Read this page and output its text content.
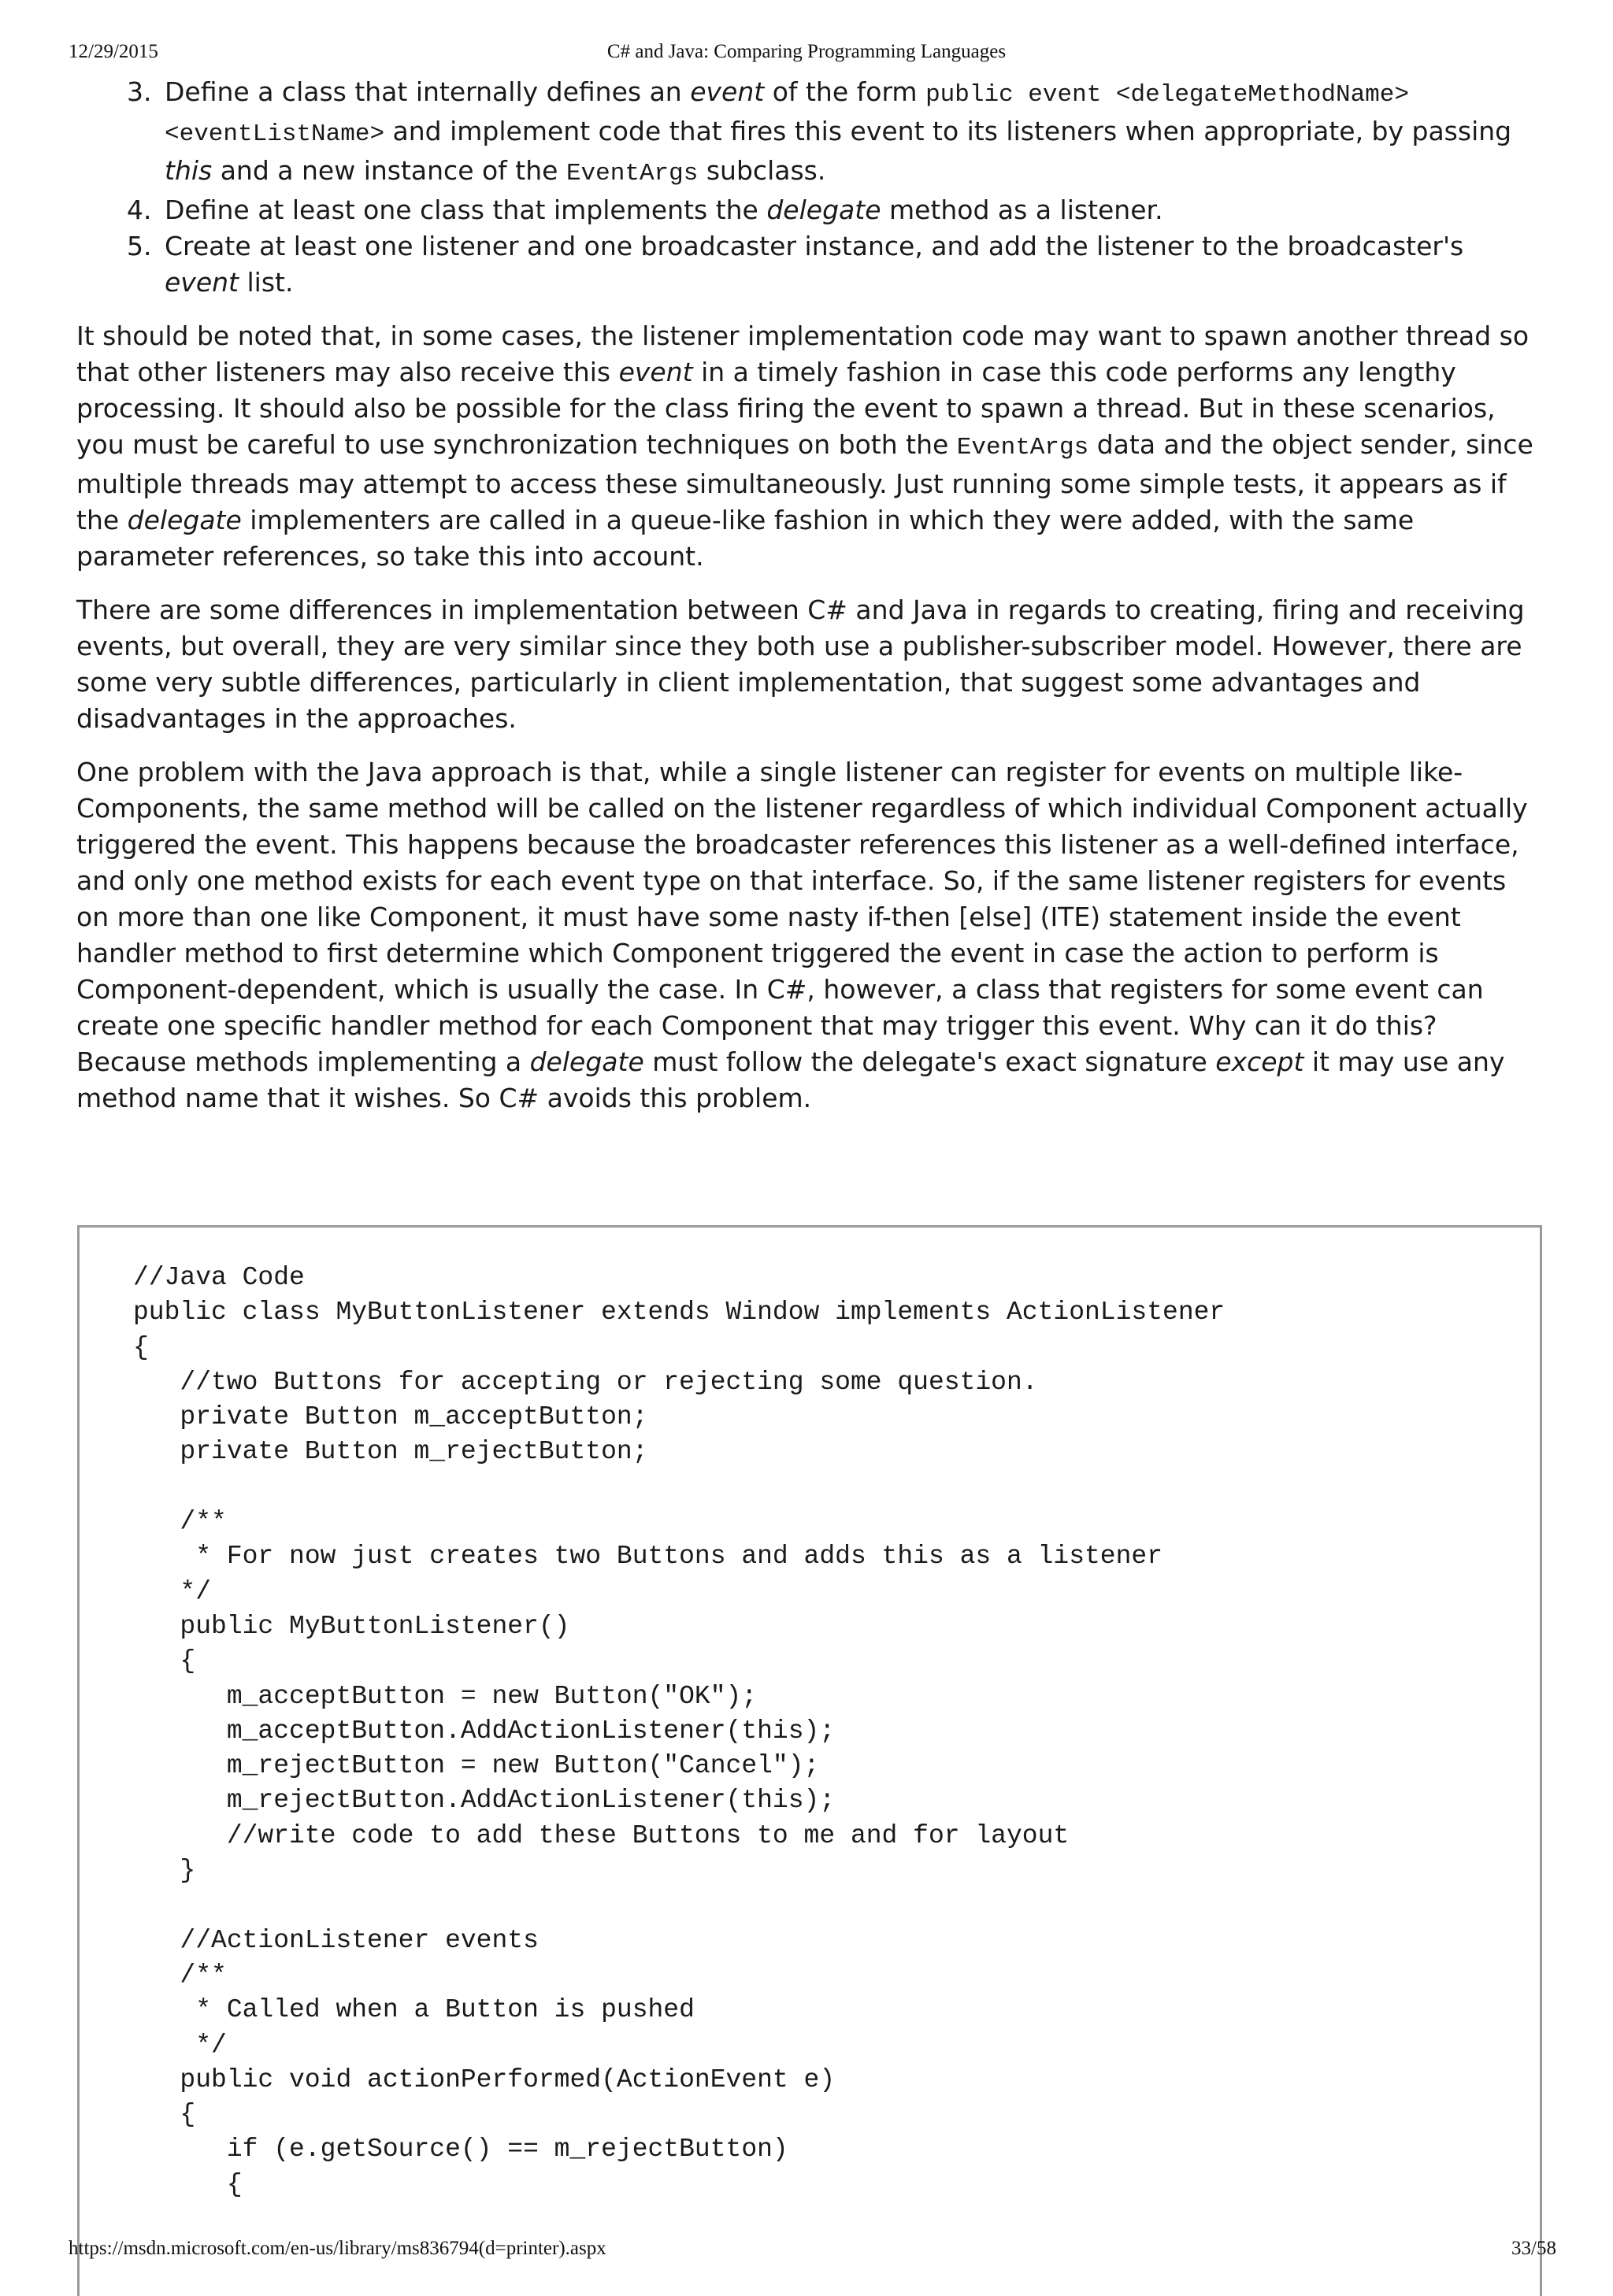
12/29/2015	C# and Java: Comparing Programming Languages
3. Define a class that internally defines an event of the form public event <delegateMethodName> <eventListName> and implement code that fires this event to its listeners when appropriate, by passing this and a new instance of the EventArgs subclass.
4. Define at least one class that implements the delegate method as a listener.
5. Create at least one listener and one broadcaster instance, and add the listener to the broadcaster's event list.

It should be noted that, in some cases, the listener implementation code may want to spawn another thread so that other listeners may also receive this event in a timely fashion in case this code performs any lengthy processing. It should also be possible for the class firing the event to spawn a thread. But in these scenarios, you must be careful to use synchronization techniques on both the EventArgs data and the object sender, since multiple threads may attempt to access these simultaneously. Just running some simple tests, it appears as if the delegate implementers are called in a queue-like fashion in which they were added, with the same parameter references, so take this into account.

There are some differences in implementation between C# and Java in regards to creating, firing and receiving events, but overall, they are very similar since they both use a publisher-subscriber model. However, there are some very subtle differences, particularly in client implementation, that suggest some advantages and disadvantages in the approaches.

One problem with the Java approach is that, while a single listener can register for events on multiple like-Components, the same method will be called on the listener regardless of which individual Component actually triggered the event. This happens because the broadcaster references this listener as a well-defined interface, and only one method exists for each event type on that interface. So, if the same listener registers for events on more than one like Component, it must have some nasty if-then [else] (ITE) statement inside the event handler method to first determine which Component triggered the event in case the action to perform is Component-dependent, which is usually the case. In C#, however, a class that registers for some event can create one specific handler method for each Component that may trigger this event. Why can it do this? Because methods implementing a delegate must follow the delegate's exact signature except it may use any method name that it wishes. So C# avoids this problem.

//Java Code
public class MyButtonListener extends Window implements ActionListener
{
//two Buttons for accepting or rejecting some question.
private Button m_acceptButton;
private Button m_rejectButton;

/**
* For now just creates two Buttons and adds this as a listener
*/
public MyButtonListener()
{
m_acceptButton = new Button("OK");
m_acceptButton.AddActionListener(this);
m_rejectButton = new Button("Cancel");
m_rejectButton.AddActionListener(this);
//write code to add these Buttons to me and for layout
}

//ActionListener events
/**
* Called when a Button is pushed
*/
public void actionPerformed(ActionEvent e)
{
if (e.getSource() == m_rejectButton)
{
https://msdn.microsoft.com/en-us/library/ms836794(d=printer).aspx	33/58
